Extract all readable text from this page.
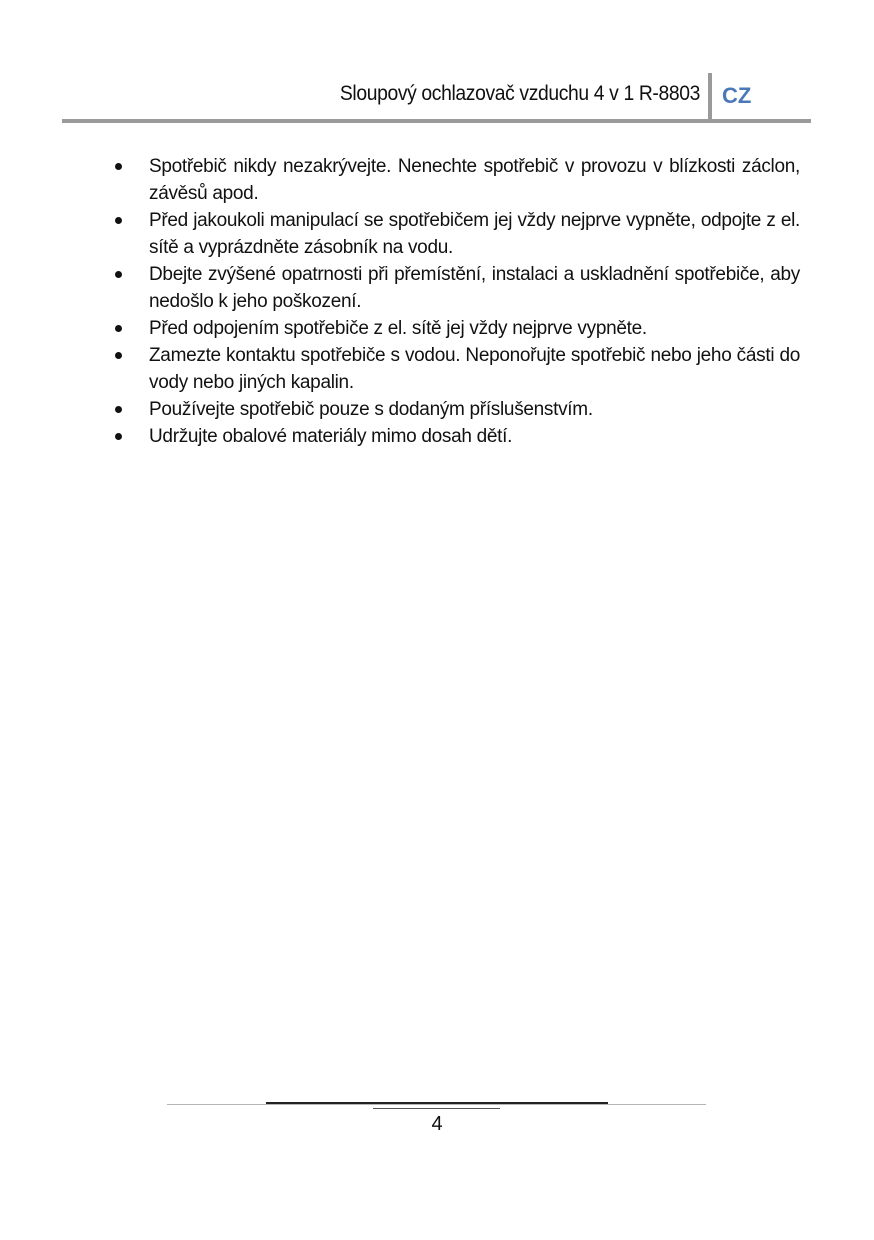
Sloupový ochlazovač vzduchu 4 v 1 R-8803 CZ
Spotřebič nikdy nezakrývejte. Nenechte spotřebič v provozu v blízkosti záclon, závěsů apod.
Před jakoukoli manipulací se spotřebičem jej vždy nejprve vypněte, odpojte z el. sítě a vyprázdněte zásobník na vodu.
Dbejte zvýšené opatrnosti při přemístění, instalaci a uskladnění spotřebiče, aby nedošlo k jeho poškození.
Před odpojením spotřebiče z el. sítě jej vždy nejprve vypněte.
Zamezte kontaktu spotřebiče s vodou. Neponořujte spotřebič nebo jeho části do vody nebo jiných kapalin.
Používejte spotřebič pouze s dodaným příslušenstvím.
Udržujte obalové materiály mimo dosah dětí.
4
